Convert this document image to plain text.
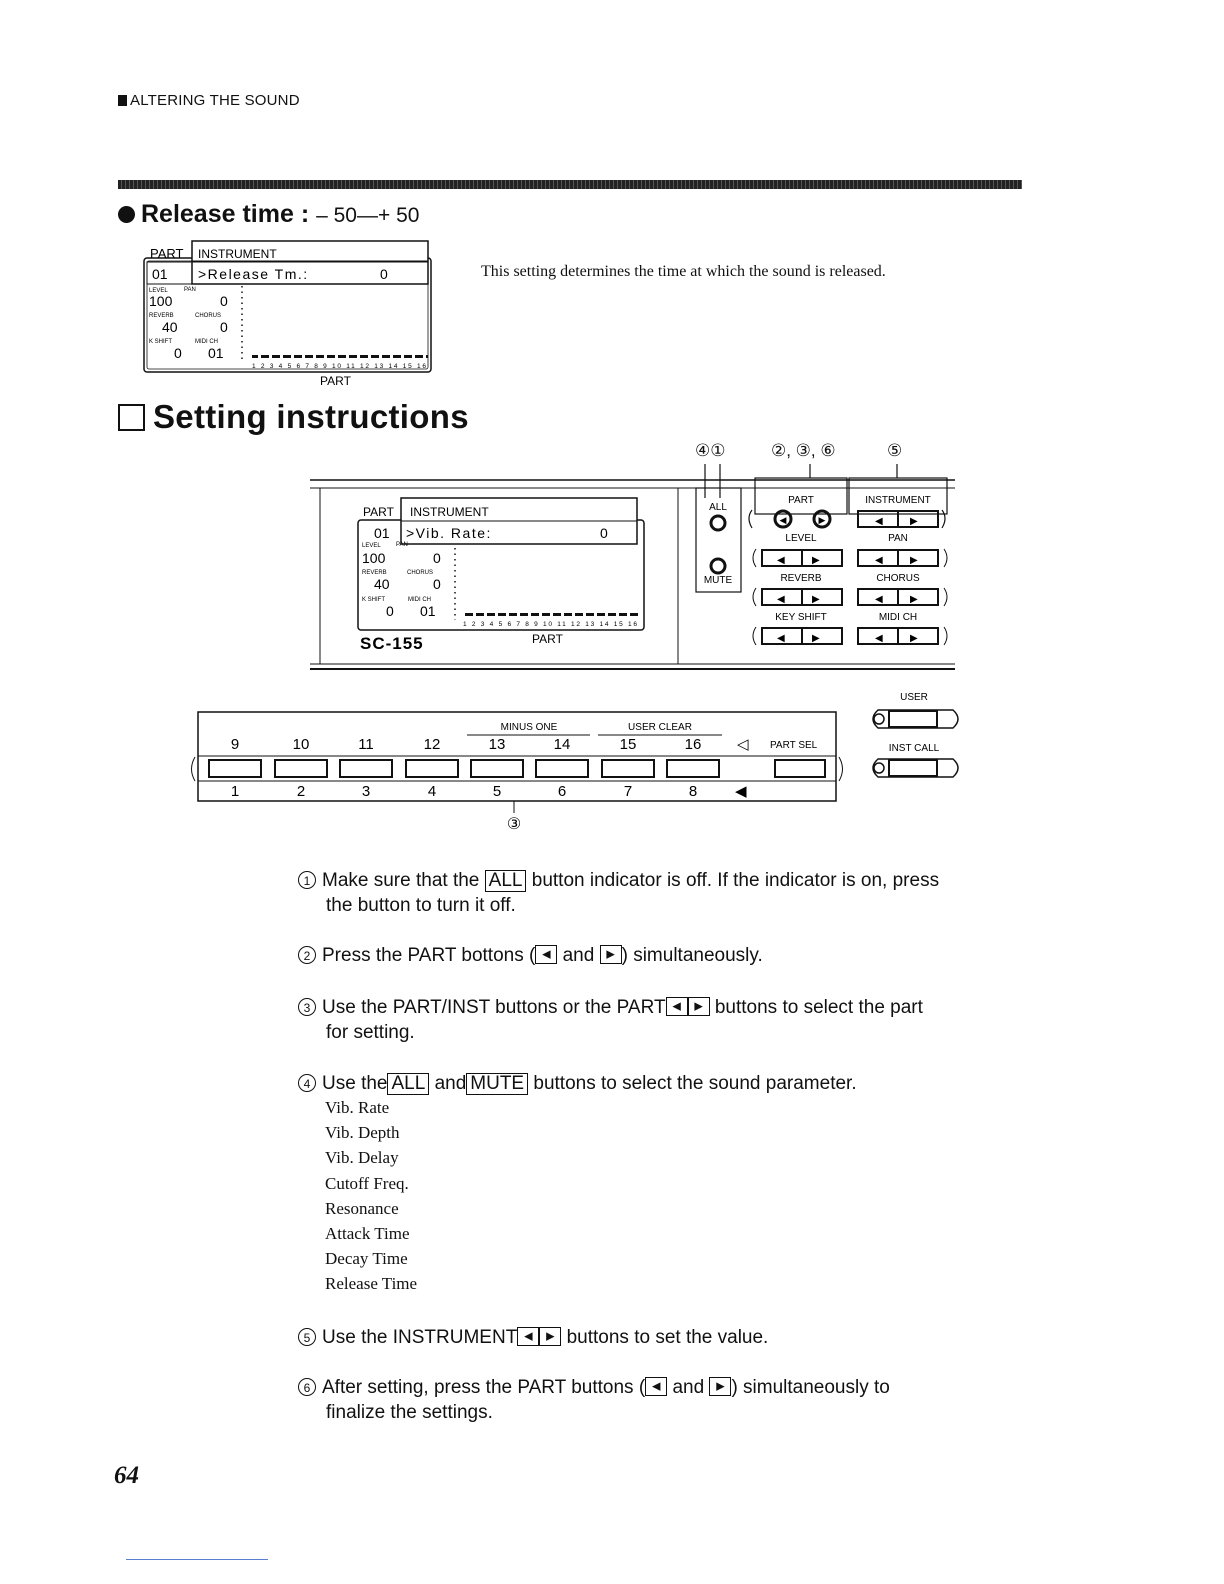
ALTERING THE SOUND
Release time : – 50—+ 50
This setting determines the time at which the sound is released.
PART INSTRUMENT
01 >Release Tm.:	0
LEVEL	PAN
100	0
REVERB	CHORUS
40	0
K SHIFT	MIDI CH
0 01
1 2 3 4 5 6 7 8 9 10 11 12 13 14 15 16
PART
Setting instructions
④①	②, ③, ⑥	⑤
PART INSTRUMENT
01 >Vib. Rate:	0
LEVEL	PAN
100	0
REVERB	CHORUS
40	0
K SHIFT	MIDI CH
0 01
1 2 3 4 5 6 7 8 9 10 11 12 13 14 15 16
PART
SC-155
ALL
MUTE
PART	INSTRUMENT
◀	▶	◀	▶
LEVEL	PAN
◀	▶	◀	▶
REVERB	CHORUS
◀	▶	◀	▶
KEY SHIFT	MIDI CH
◀	▶	◀	▶
MINUS ONE	USER CLEAR
9	10	11	12	13	14	15	16 ◁ PART SEL
1	2	3	4	5	6	7	8	◀
③
USER
INST CALL
1 Make sure that the ALL button indicator is off. If the indicator is on, press
the button to turn it off.
2 Press the PART bottons ( ◀ and ▶ ) simultaneously.
3 Use the PART/INST buttons or the PART ◀ ▶ buttons to select the part
for setting.
4 Use the ALL and MUTE buttons to select the sound parameter.
Vib. Rate
Vib. Depth
Vib. Delay
Cutoff Freq.
Resonance
Attack Time
Decay Time
Release Time
5 Use the INSTRUMENT ◀ ▶ buttons to set the value.
6 After setting, press the PART buttons ( ◀ and ▶ ) simultaneously to
finalize the settings.
64
